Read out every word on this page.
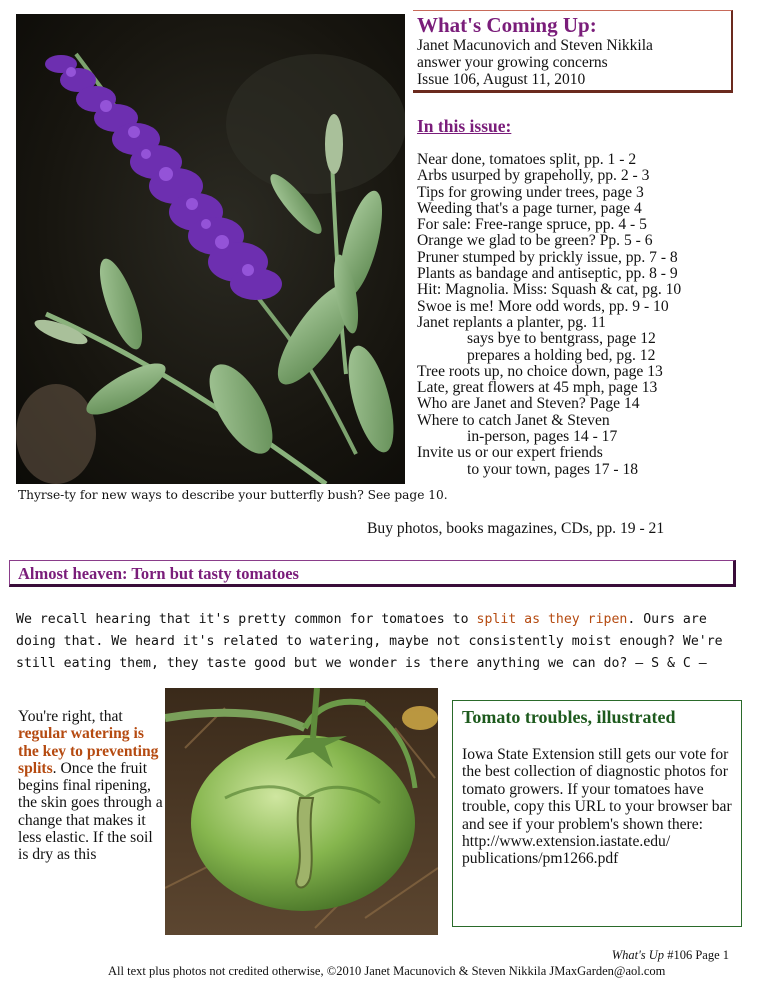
Thyrse-ty for new ways to describe your butterfly bush? See page 10.
What's Coming Up:
Janet Macunovich and Steven Nikkila
answer your growing concerns
Issue 106, August 11, 2010
In this issue:
Near done, tomatoes split, pp. 1 - 2
Arbs usurped by grapeholly, pp. 2 - 3
Tips for growing under trees, page 3
Weeding that's a page turner, page 4
For sale: Free-range spruce, pp. 4 - 5
Orange we glad to be green? Pp. 5 - 6
Pruner stumped by prickly issue, pp. 7 - 8
Plants as bandage and antiseptic, pp. 8 - 9
Hit: Magnolia. Miss: Squash & cat, pg. 10
Swoe is me! More odd words, pp. 9 - 10
Janet replants a planter, pg. 11
says bye to bentgrass, page 12
prepares a holding bed, pg. 12
Tree roots up, no choice down, page 13
Late, great flowers at 45 mph, page 13
Who are Janet and Steven? Page 14
Where to catch Janet & Steven
in-person, pages 14 - 17
Invite us or our expert friends
to your town, pages 17 - 18
Buy photos, books magazines, CDs, pp. 19 - 21
Almost heaven: Torn but tasty tomatoes
We recall hearing that it's pretty common for tomatoes to split as they ripen. Ours are doing that. We heard it's related to watering, maybe not consistently moist enough? We're still eating them, they taste good but we wonder is there anything we can do? – S & C –
You're right, that regular watering is the key to preventing splits. Once the fruit begins final ripening, the skin goes through a change that makes it less elastic. If the soil is dry as this
Tomato troubles, illustrated
Iowa State Extension still gets our vote for the best collection of diagnostic photos for tomato growers. If your tomatoes have trouble, copy this URL to your browser bar and see if your problem's shown there:
http://www.extension.iastate.edu/
publications/pm1266.pdf
What's Up #106 Page 1
All text plus photos not credited otherwise, ©2010 Janet Macunovich & Steven Nikkila JMaxGarden@aol.com
